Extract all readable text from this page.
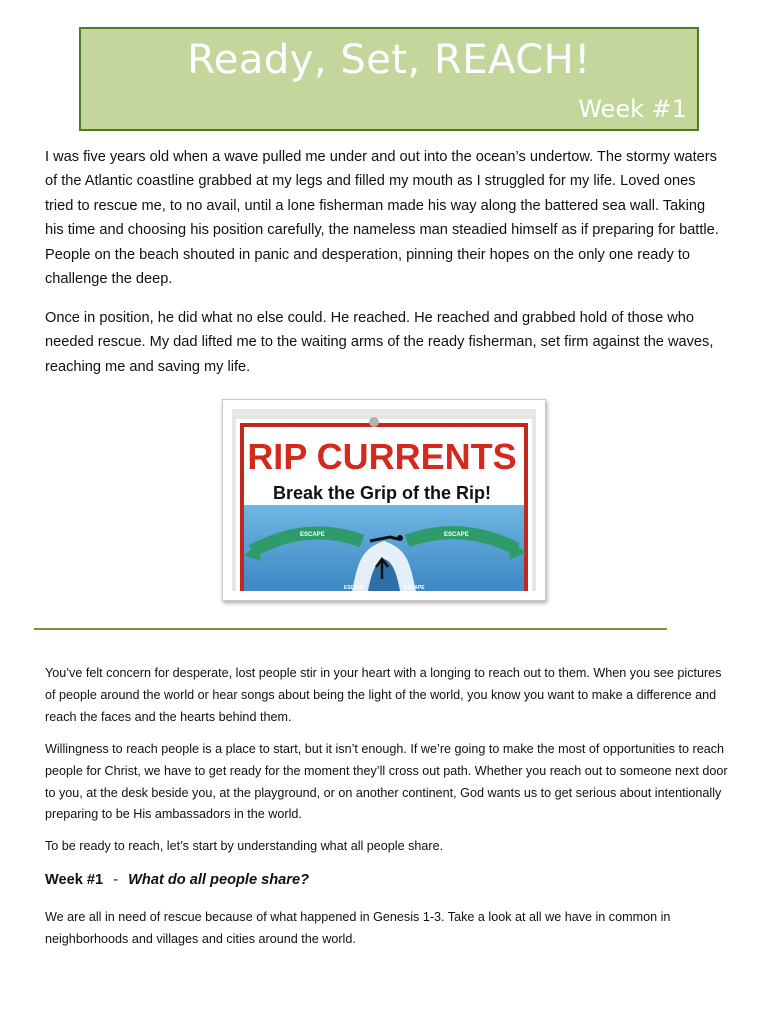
Ready, Set, REACH!
Week #1

I was five years old when a wave pulled me under and out into the ocean’s undertow. The stormy waters of the Atlantic coastline grabbed at my legs and filled my mouth as I struggled for my life. Loved ones tried to rescue me, to no avail, until a lone fisherman made his way along the battered sea wall. Taking his time and choosing his position carefully, the nameless man steadied himself as if preparing for battle. People on the beach shouted in panic and desperation, pinning their hopes on the only one ready to challenge the deep.

Once in position, he did what no else could. He reached. He reached and grabbed hold of those who needed rescue. My dad lifted me to the waiting arms of the ready fisherman, set firm against the waves, reaching me and saving my life.

RIP CURRENTS
Break the Grip of the Rip!
ESCAPE	ESCAPE
ESCAPE	ESCAPE

You’ve felt concern for desperate, lost people stir in your heart with a longing to reach out to them. When you see pictures of people around the world or hear songs about being the light of the world, you know you want to make a difference and reach the faces and the hearts behind them.

Willingness to reach people is a place to start, but it isn’t enough. If we’re going to make the most of opportunities to reach people for Christ, we have to get ready for the moment they’ll cross out path. Whether you reach out to someone next door to you, at the desk beside you, at the playground, or on another continent, God wants us to get serious about intentionally preparing to be His ambassadors in the world.

To be ready to reach, let’s start by understanding what all people share.

Week #1 - What do all people share?

We are all in need of rescue because of what happened in Genesis 1-3. Take a look at all we have in common in neighborhoods and villages and cities around the world.
